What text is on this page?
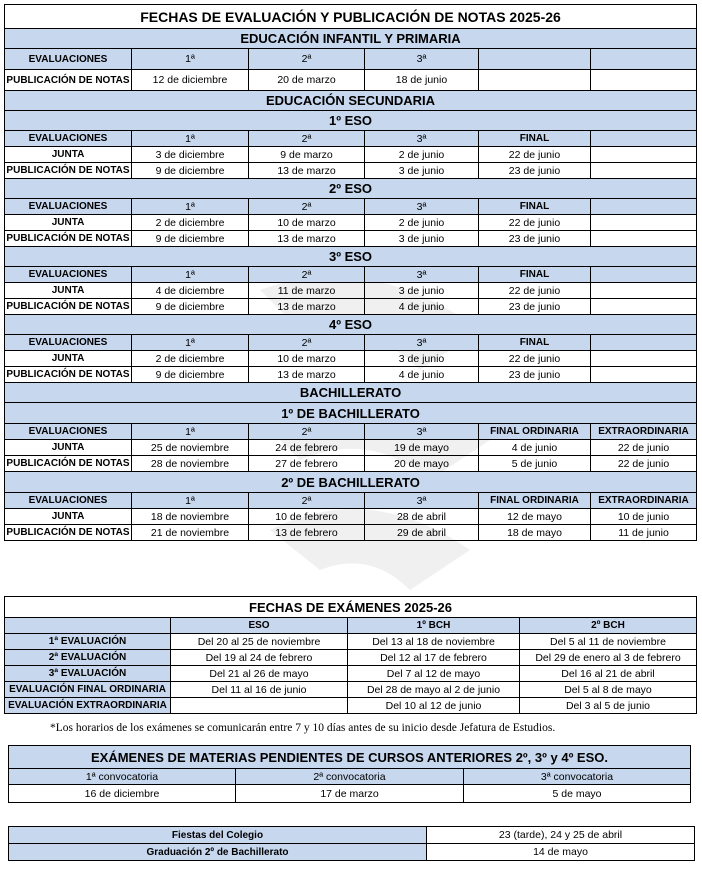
FECHAS DE EVALUACIÓN Y PUBLICACIÓN DE NOTAS 2025-26					
EDUCACIÓN INFANTIL Y PRIMARIA					
EVALUACIONES	1ª	2ª	3ª		
PUBLICACIÓN DE NOTAS	12 de diciembre	20 de marzo	18 de junio		
EDUCACIÓN SECUNDARIA					
1º ESO					
EVALUACIONES	1ª	2ª	3ª	FINAL	
JUNTA	3 de diciembre	9 de marzo	2 de junio	22 de junio	
PUBLICACIÓN DE NOTAS	9 de diciembre	13 de marzo	3 de junio	23 de junio	
2º ESO					
EVALUACIONES	1ª	2ª	3ª	FINAL	
JUNTA	2 de diciembre	10 de marzo	2 de junio	22 de junio	
PUBLICACIÓN DE NOTAS	9 de diciembre	13 de marzo	3 de junio	23 de junio	
3º ESO					
EVALUACIONES	1ª	2ª	3ª	FINAL	
JUNTA	4 de diciembre	11 de marzo	3 de junio	22 de junio	
PUBLICACIÓN DE NOTAS	9 de diciembre	13 de marzo	4 de junio	23 de junio	
4º ESO					
EVALUACIONES	1ª	2ª	3ª	FINAL	
JUNTA	2 de diciembre	10 de marzo	3 de junio	22 de junio	
PUBLICACIÓN DE NOTAS	9 de diciembre	13 de marzo	4 de junio	23 de junio	
BACHILLERATO					
1º DE BACHILLERATO					
EVALUACIONES	1ª	2ª	3ª	FINAL ORDINARIA	EXTRAORDINARIA
JUNTA	25 de noviembre	24 de febrero	19 de mayo	4 de junio	22 de junio
PUBLICACIÓN DE NOTAS	28 de noviembre	27 de febrero	20 de mayo	5 de junio	22 de junio
2º DE BACHILLERATO					
EVALUACIONES	1ª	2ª	3ª	FINAL ORDINARIA	EXTRAORDINARIA
JUNTA	18 de noviembre	10 de febrero	28 de abril	12 de mayo	10 de junio
PUBLICACIÓN DE NOTAS	21 de noviembre	13 de febrero	29 de abril	18 de mayo	11 de junio
FECHAS DE EXÁMENES 2025-26			
	ESO	1º BCH	2º BCH
1ª EVALUACIÓN	Del 20 al 25 de noviembre	Del 13 al 18 de noviembre	Del 5 al 11 de noviembre
2ª EVALUACIÓN	Del 19 al 24 de febrero	Del 12 al 17 de febrero	Del 29 de enero al 3 de febrero
3ª EVALUACIÓN	Del 21 al 26 de mayo	Del 7 al 12 de mayo	Del 16 al 21 de abril
EVALUACIÓN FINAL ORDINARIA	Del 11 al 16 de junio	Del 28 de mayo al 2 de junio	Del 5 al 8 de mayo
EVALUACIÓN EXTRAORDINARIA		Del 10 al 12 de junio	Del 3 al 5 de junio
*Los horarios de los exámenes se comunicarán entre 7 y 10 días antes de su inicio desde Jefatura de Estudios.
EXÁMENES DE MATERIAS PENDIENTES DE CURSOS ANTERIORES 2º, 3º y 4º ESO.		
1ª convocatoria	2ª convocatoria	3ª convocatoria
16 de diciembre	17 de marzo	5 de mayo
Fiestas del Colegio	23 (tarde), 24 y 25 de abril
Graduación 2º de Bachillerato	14 de mayo
